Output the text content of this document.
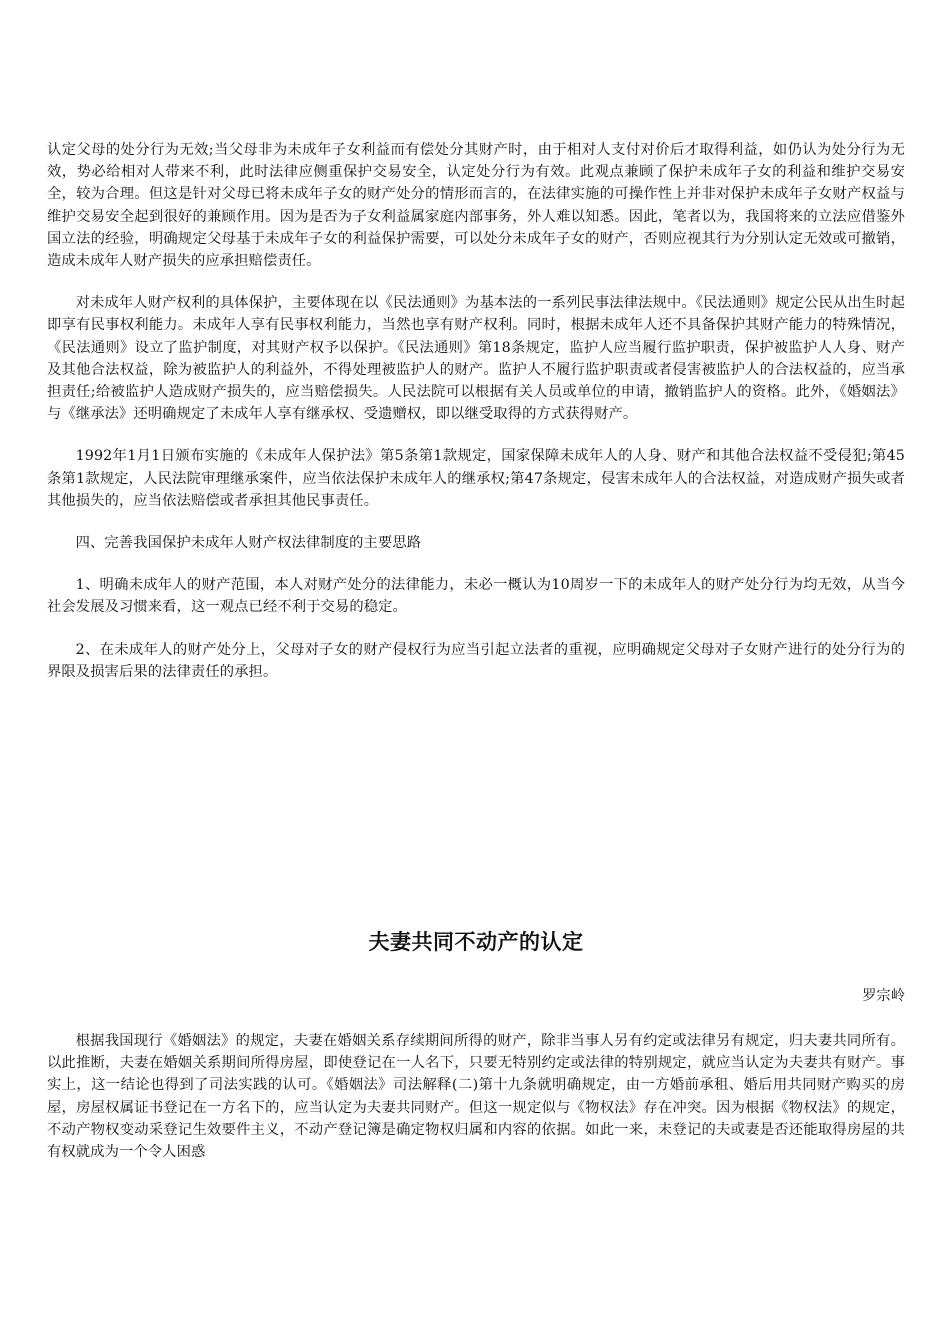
认定父母的处分行为无效;当父母非为未成年子女利益而有偿处分其财产时，由于相对人支付对价后才取得利益，如仍认为处分行为无效，势必给相对人带来不利，此时法律应侧重保护交易安全，认定处分行为有效。此观点兼顾了保护未成年子女的利益和维护交易安全，较为合理。但这是针对父母已将未成年子女的财产处分的情形而言的，在法律实施的可操作性上并非对保护未成年子女财产权益与维护交易安全起到很好的兼顾作用。因为是否为子女利益属家庭内部事务，外人难以知悉。因此，笔者以为，我国将来的立法应借鉴外国立法的经验，明确规定父母基于未成年子女的利益保护需要，可以处分未成年子女的财产，否则应视其行为分别认定无效或可撤销，造成未成年人财产损失的应承担赔偿责任。

对未成年人财产权利的具体保护，主要体现在以《民法通则》为基本法的一系列民事法律法规中。《民法通则》规定公民从出生时起即享有民事权利能力。未成年人享有民事权利能力，当然也享有财产权利。同时，根据未成年人还不具备保护其财产能力的特殊情况，《民法通则》设立了监护制度，对其财产权予以保护。《民法通则》第18条规定，监护人应当履行监护职责，保护被监护人人身、财产及其他合法权益，除为被监护人的利益外，不得处理被监护人的财产。监护人不履行监护职责或者侵害被监护人的合法权益的，应当承担责任;给被监护人造成财产损失的，应当赔偿损失。人民法院可以根据有关人员或单位的申请，撤销监护人的资格。此外，《婚姻法》与《继承法》还明确规定了未成年人享有继承权、受遗赠权，即以继受取得的方式获得财产。

1992年1月1日颁布实施的《未成年人保护法》第5条第1款规定，国家保障未成年人的人身、财产和其他合法权益不受侵犯;第45条第1款规定，人民法院审理继承案件，应当依法保护未成年人的继承权;第47条规定，侵害未成年人的合法权益，对造成财产损失或者其他损失的，应当依法赔偿或者承担其他民事责任。

四、完善我国保护未成年人财产权法律制度的主要思路

1、明确未成年人的财产范围，本人对财产处分的法律能力，未必一概认为10周岁一下的未成年人的财产处分行为均无效，从当今社会发展及习惯来看，这一观点已经不利于交易的稳定。

2、在未成年人的财产处分上，父母对子女的财产侵权行为应当引起立法者的重视，应明确规定父母对子女财产进行的处分行为的界限及损害后果的法律责任的承担。

夫妻共同不动产的认定
罗宗岭

根据我国现行《婚姻法》的规定，夫妻在婚姻关系存续期间所得的财产，除非当事人另有约定或法律另有规定，归夫妻共同所有。以此推断，夫妻在婚姻关系期间所得房屋，即使登记在一人名下，只要无特别约定或法律的特别规定，就应当认定为夫妻共有财产。事实上，这一结论也得到了司法实践的认可。《婚姻法》司法解释(二)第十九条就明确规定，由一方婚前承租、婚后用共同财产购买的房屋，房屋权属证书登记在一方名下的，应当认定为夫妻共同财产。但这一规定似与《物权法》存在冲突。因为根据《物权法》的规定，不动产物权变动采登记生效要件主义，不动产登记簿是确定物权归属和内容的依据。如此一来，未登记的夫或妻是否还能取得房屋的共有权就成为一个令人困惑
